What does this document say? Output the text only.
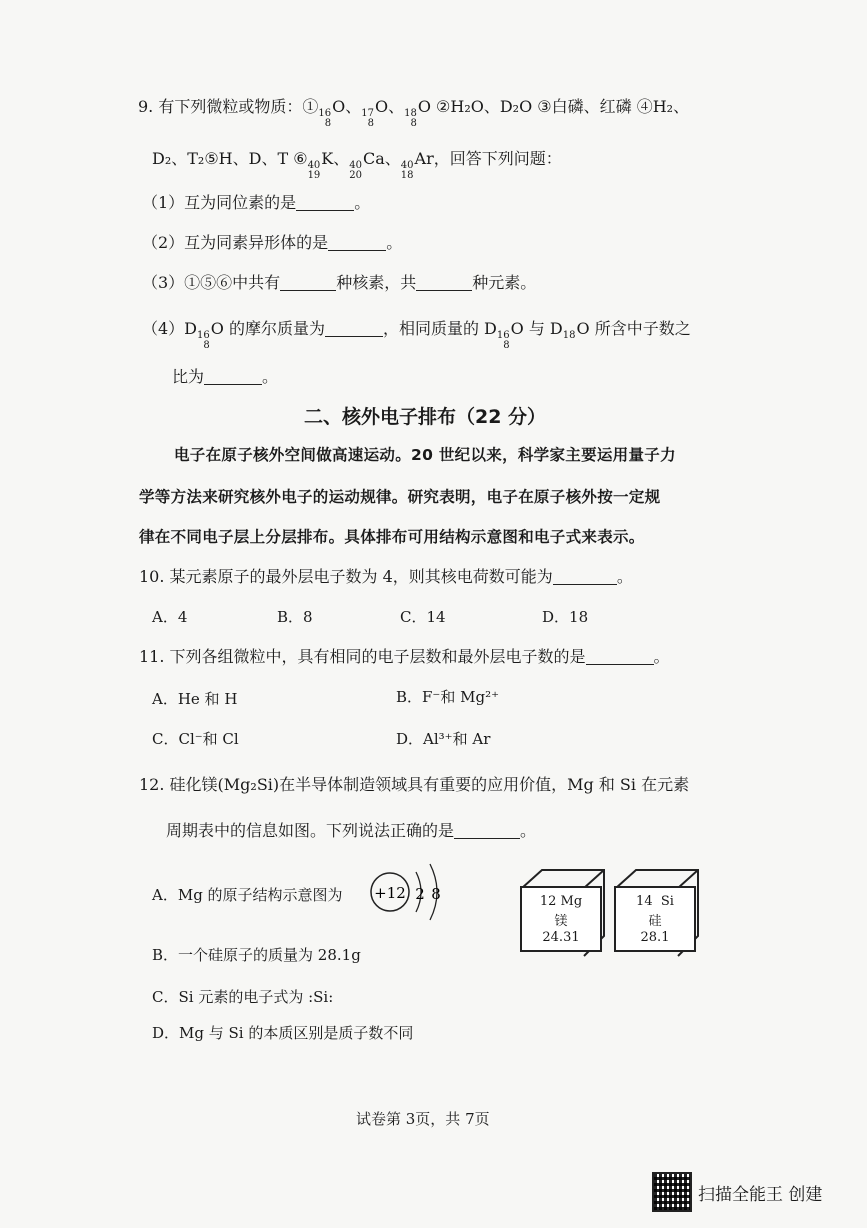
9. 有下列微粒或物质：① 16
8
O、 17
8
O、 18
8
O ②H₂O、D₂O ③白磷、红磷 ④H₂、
D₂、T₂⑤H、D、T ⑥ 40
19
K、 40
20
Ca、 40
18
Ar，回答下列问题：
（1）互为同位素的是	。
（2）互为同素异形体的是	。
（3）①⑤⑥中共有	种核素，共	种元素。
（4）D 16
8
O 的摩尔质量为	，相同质量的 D 16
8
O 与 D 18
O 所含中子数之
比为	。
二、核外电子排布（22 分）
电子在原子核外空间做高速运动。20 世纪以来，科学家主要运用量子力
学等方法来研究核外电子的运动规律。研究表明，电子在原子核外按一定规
律在不同电子层上分层排布。具体排布可用结构示意图和电子式来表示。
10. 某元素原子的最外层电子数为 4，则其核电荷数可能为	。
A．4	B．8	C．14	D．18
11. 下列各组微粒中，具有相同的电子层数和最外层电子数的是	。
A．He 和 H	B．F⁻和 Mg²⁺
C．Cl⁻和 Cl	D．Al³⁺和 Ar
12. 硅化镁(Mg₂Si)在半导体制造领域具有重要的应用价值，Mg 和 Si 在元素
周期表中的信息如图。下列说法正确的是	。
A．Mg 的原子结构示意图为 +12 2 8
B．一个硅原子的质量为 28.1g
C．Si 元素的电子式为 :Si:
D．Mg 与 Si 的本质区别是质子数不同
12 Mg
镁
24.31
14 Si
硅
28.1
试卷第 3页，共 7页
扫描全能王 创建
